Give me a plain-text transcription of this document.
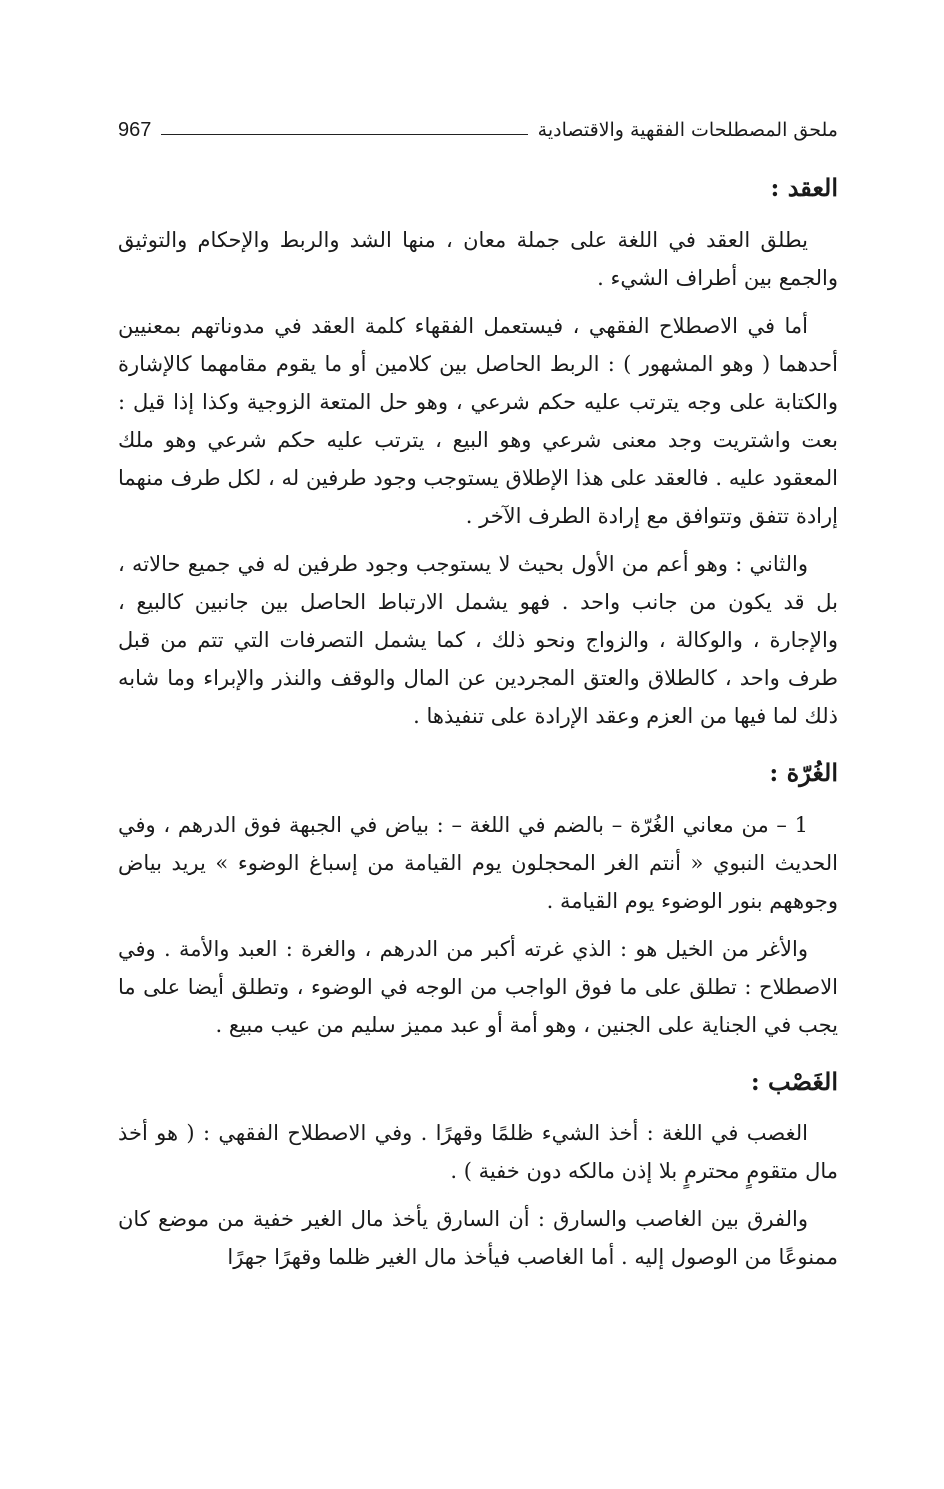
ملحق المصطلحات الفقهية والاقتصادية
967
العقد :

يطلق العقد في اللغة على جملة معان ، منها الشد والربط والإحكام والتوثيق والجمع بين أطراف الشيء .

أما في الاصطلاح الفقهي ، فيستعمل الفقهاء كلمة العقد في مدوناتهم بمعنيين أحدهما ( وهو المشهور ) : الربط الحاصل بين كلامين أو ما يقوم مقامهما كالإشارة والكتابة على وجه يترتب عليه حكم شرعي ، وهو حل المتعة الزوجية وكذا إذا قيل : بعت واشتريت وجد معنى شرعي وهو البيع ، يترتب عليه حكم شرعي وهو ملك المعقود عليه . فالعقد على هذا الإطلاق يستوجب وجود طرفين له ، لكل طرف منهما إرادة تتفق وتتوافق مع إرادة الطرف الآخر .

والثاني : وهو أعم من الأول بحيث لا يستوجب وجود طرفين له في جميع حالاته ، بل قد يكون من جانب واحد . فهو يشمل الارتباط الحاصل بين جانبين كالبيع ، والإجارة ، والوكالة ، والزواج ونحو ذلك ، كما يشمل التصرفات التي تتم من قبل طرف واحد ، كالطلاق والعتق المجردين عن المال والوقف والنذر والإبراء وما شابه ذلك لما فيها من العزم وعقد الإرادة على تنفيذها .

الغُرّة :

1 – من معاني الغُرّة – بالضم في اللغة – : بياض في الجبهة فوق الدرهم ، وفي الحديث النبوي « أنتم الغر المحجلون يوم القيامة من إسباغ الوضوء » يريد بياض وجوههم بنور الوضوء يوم القيامة .

والأغر من الخيل هو : الذي غرته أكبر من الدرهم ، والغرة : العبد والأمة . وفي الاصطلاح : تطلق على ما فوق الواجب من الوجه في الوضوء ، وتطلق أيضا على ما يجب في الجناية على الجنين ، وهو أمة أو عبد مميز سليم من عيب مبيع .

الغَصْب :

الغصب في اللغة : أخذ الشيء ظلمًا وقهرًا . وفي الاصطلاح الفقهي : ( هو أخذ مال متقومٍ محترمٍ بلا إذن مالكه دون خفية ) .

والفرق بين الغاصب والسارق : أن السارق يأخذ مال الغير خفية من موضع كان ممنوعًا من الوصول إليه . أما الغاصب فيأخذ مال الغير ظلما وقهرًا جهرًا
